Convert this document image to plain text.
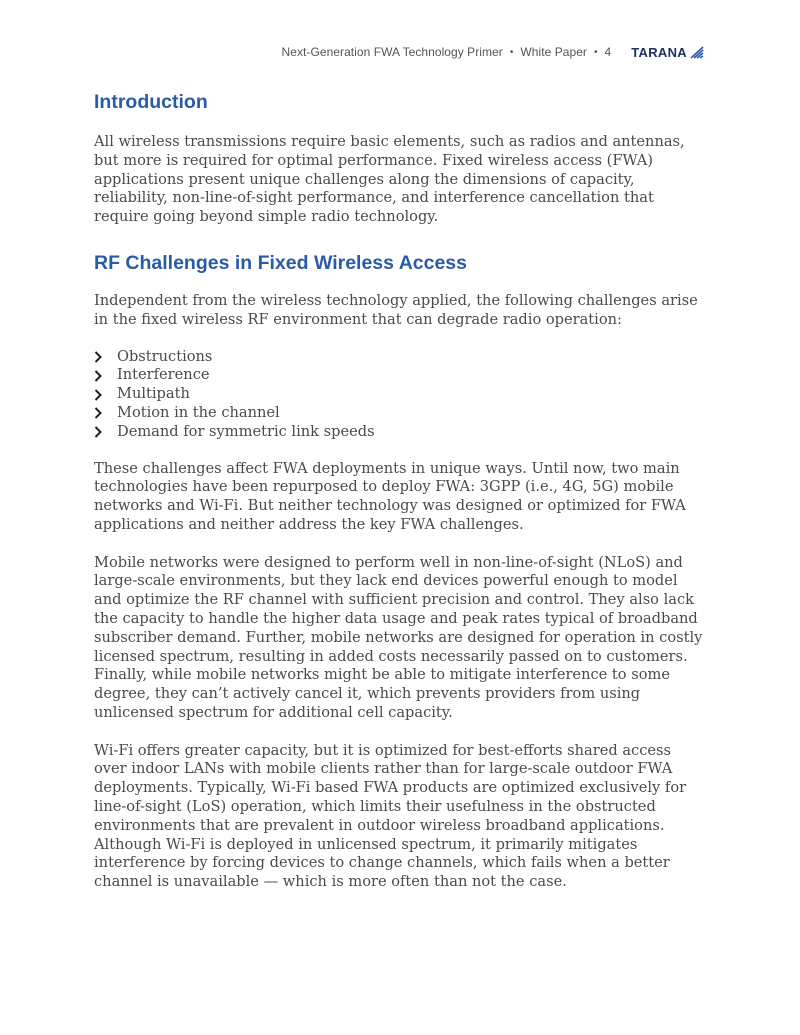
Next-Generation FWA Technology Primer • White Paper • 4 TARANA
Introduction

All wireless transmissions require basic elements, such as radios and antennas, but more is required for optimal performance. Fixed wireless access (FWA) applications present unique challenges along the dimensions of capacity, reliability, non-line-of-sight performance, and interference cancellation that require going beyond simple radio technology.

RF Challenges in Fixed Wireless Access

Independent from the wireless technology applied, the following challenges arise in the fixed wireless RF environment that can degrade radio operation:

Obstructions
Interference
Multipath
Motion in the channel
Demand for symmetric link speeds

These challenges affect FWA deployments in unique ways. Until now, two main technologies have been repurposed to deploy FWA: 3GPP (i.e., 4G, 5G) mobile networks and Wi-Fi. But neither technology was designed or optimized for FWA applications and neither address the key FWA challenges.

Mobile networks were designed to perform well in non-line-of-sight (NLoS) and large-scale environments, but they lack end devices powerful enough to model and optimize the RF channel with sufficient precision and control. They also lack the capacity to handle the higher data usage and peak rates typical of broadband subscriber demand. Further, mobile networks are designed for operation in costly licensed spectrum, resulting in added costs necessarily passed on to customers. Finally, while mobile networks might be able to mitigate interference to some degree, they can’t actively cancel it, which prevents providers from using unlicensed spectrum for additional cell capacity.

Wi-Fi offers greater capacity, but it is optimized for best-efforts shared access over indoor LANs with mobile clients rather than for large-scale outdoor FWA deployments. Typically, Wi-Fi based FWA products are optimized exclusively for line-of-sight (LoS) operation, which limits their usefulness in the obstructed environments that are prevalent in outdoor wireless broadband applications. Although Wi-Fi is deployed in unlicensed spectrum, it primarily mitigates interference by forcing devices to change channels, which fails when a better channel is unavailable — which is more often than not the case.
